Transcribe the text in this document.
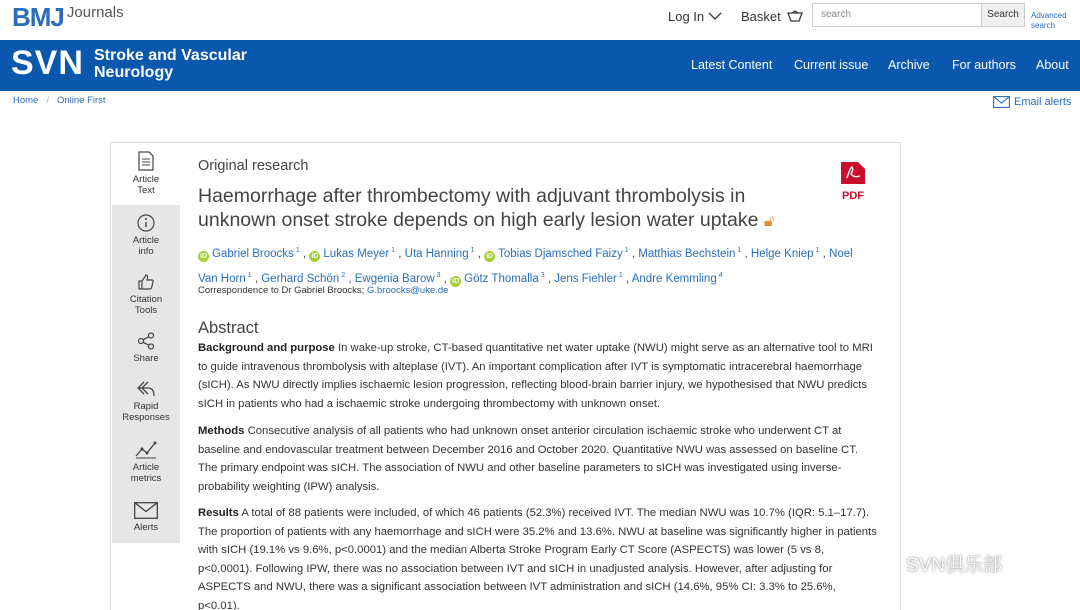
BMJ Journals	Log In	Basket	search	Search	Advanced
search
SVN Stroke and Vascular
Neurology	Latest Content Current issue Archive For authors About
Home / Online First	Email alerts
Article
Text
Article
info
Citation
Tools
Share
Rapid
Responses
Article
metrics
Alerts
Original research
Haemorrhage after thrombectomy with adjuvant thrombolysis in unknown onset stroke depends on high early lesion water uptake 🔓︎
PDF
iD Gabriel Broocks $^1$ , iD Lukas Meyer $^1$ , Uta Hanning $^1$ , iD Tobias Djamsched Faizy $^1$ , Matthias Bechstein $^1$ , Helge Kniep $^1$ , Noel Van Horn $^1$ , Gerhard Schön $^2$ , Ewgenia Barow $^3$ , iD Götz Thomalla $^3$ , Jens Fiehler $^1$ , Andre Kemmling $^4$
Correspondence to Dr Gabriel Broocks; G.broocks@uke.de
Abstract
Background and purpose In wake-up stroke, CT-based quantitative net water uptake (NWU) might serve as an alternative tool to MRI to guide intravenous thrombolysis with alteplase (IVT). An important complication after IVT is symptomatic intracerebral haemorrhage (sICH). As NWU directly implies ischaemic lesion progression, reflecting blood-brain barrier injury, we hypothesised that NWU predicts sICH in patients who had a ischaemic stroke undergoing thrombectomy with unknown onset.
Methods Consecutive analysis of all patients who had unknown onset anterior circulation ischaemic stroke who underwent CT at baseline and endovascular treatment between December 2016 and October 2020. Quantitative NWU was assessed on baseline CT. The primary endpoint was sICH. The association of NWU and other baseline parameters to sICH was investigated using inverse-probability weighting (IPW) analysis.
Results A total of 88 patients were included, of which 46 patients (52.3%) received IVT. The median NWU was 10.7% (IQR: 5.1–17.7). The proportion of patients with any haemorrhage and sICH were 35.2% and 13.6%. NWU at baseline was significantly higher in patients with sICH (19.1% vs 9.6%, p<0.0001) and the median Alberta Stroke Program Early CT Score (ASPECTS) was lower (5 vs 8, p<0.0001). Following IPW, there was no association between IVT and sICH in unadjusted analysis. However, after adjusting for ASPECTS and NWU, there was a significant association between IVT administration and sICH (14.6%, 95% CI: 3.3% to 25.6%, p<0.01).
SVN俱乐部
